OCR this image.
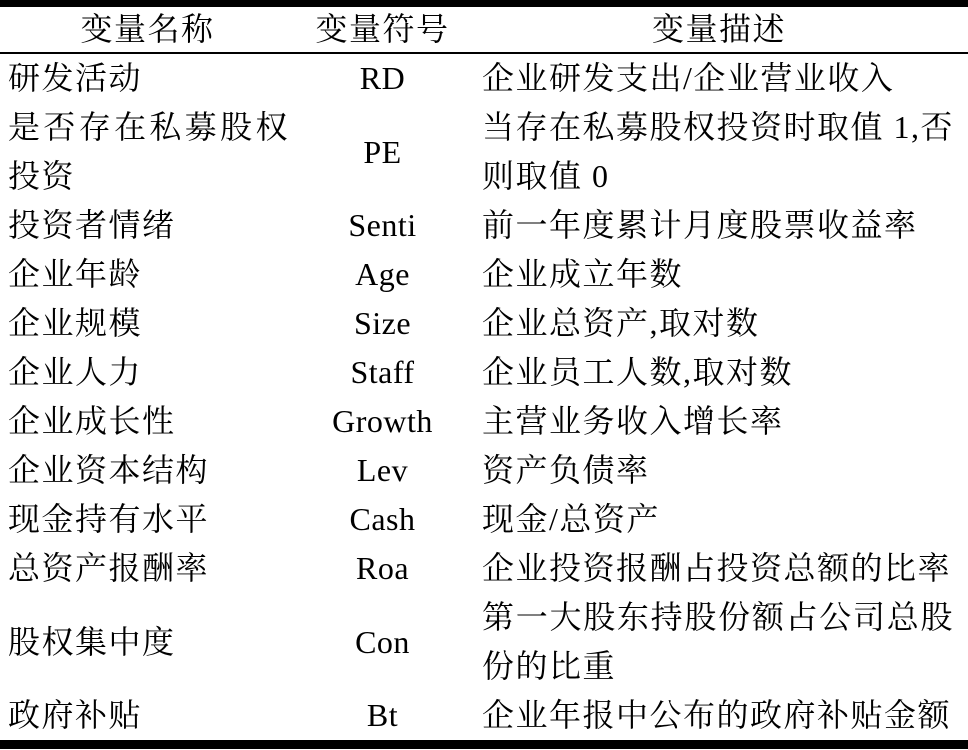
变量名称	变量符号	变量描述
研发活动	RD	企业研发支出/企业营业收入
是否存在私募股权投资	PE	当存在私募股权投资时取值 1,否则取值 0
投资者情绪	Senti	前一年度累计月度股票收益率
企业年龄	Age	企业成立年数
企业规模	Size	企业总资产,取对数
企业人力	Staff	企业员工人数,取对数
企业成长性	Growth	主营业务收入增长率
企业资本结构	Lev	资产负债率
现金持有水平	Cash	现金/总资产
总资产报酬率	Roa	企业投资报酬占投资总额的比率
股权集中度	Con	第一大股东持股份额占公司总股份的比重
政府补贴	Bt	企业年报中公布的政府补贴金额
